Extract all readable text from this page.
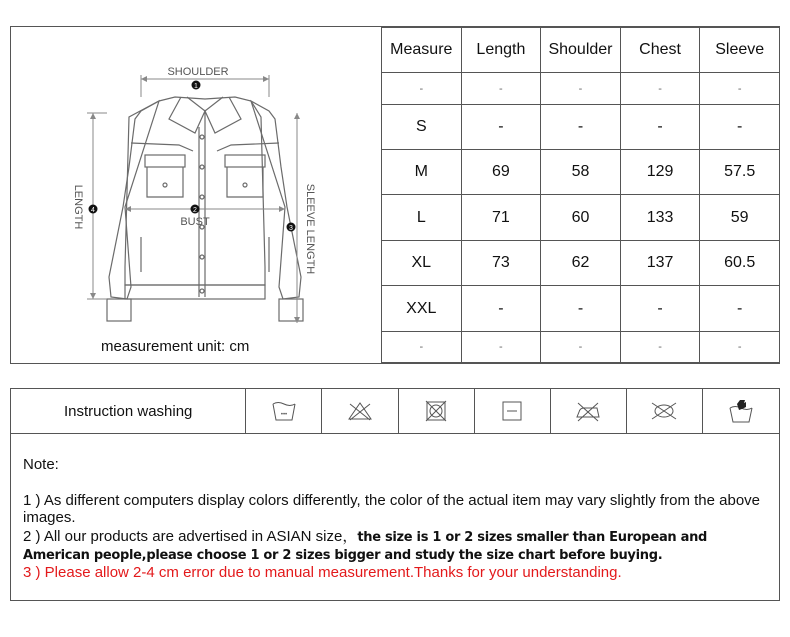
SHOULDER
1
BUST
2
LENGTH 4	SLEEVE LENGTH
3
measurement unit: cm
Measure	Length	Shoulder	Chest	Sleeve
-	-	-	-	-
S	-	-	-	-
M	69	58	129	57.5
L	71	60	133	59
XL	73	62	137	60.5
XXL	-	-	-	-
-	-	-	-	-
Instruction washing	•••
Note:
1 ) As different computers display colors differently, the color of the actual item may vary slightly from the above images.
2 ) All our products are advertised in ASIAN size，the size is 1 or 2 sizes smaller than European and American people,please choose 1 or 2 sizes bigger and study the size chart before buying.
3 ) Please allow 2-4 cm error due to manual measurement.Thanks for your understanding.
